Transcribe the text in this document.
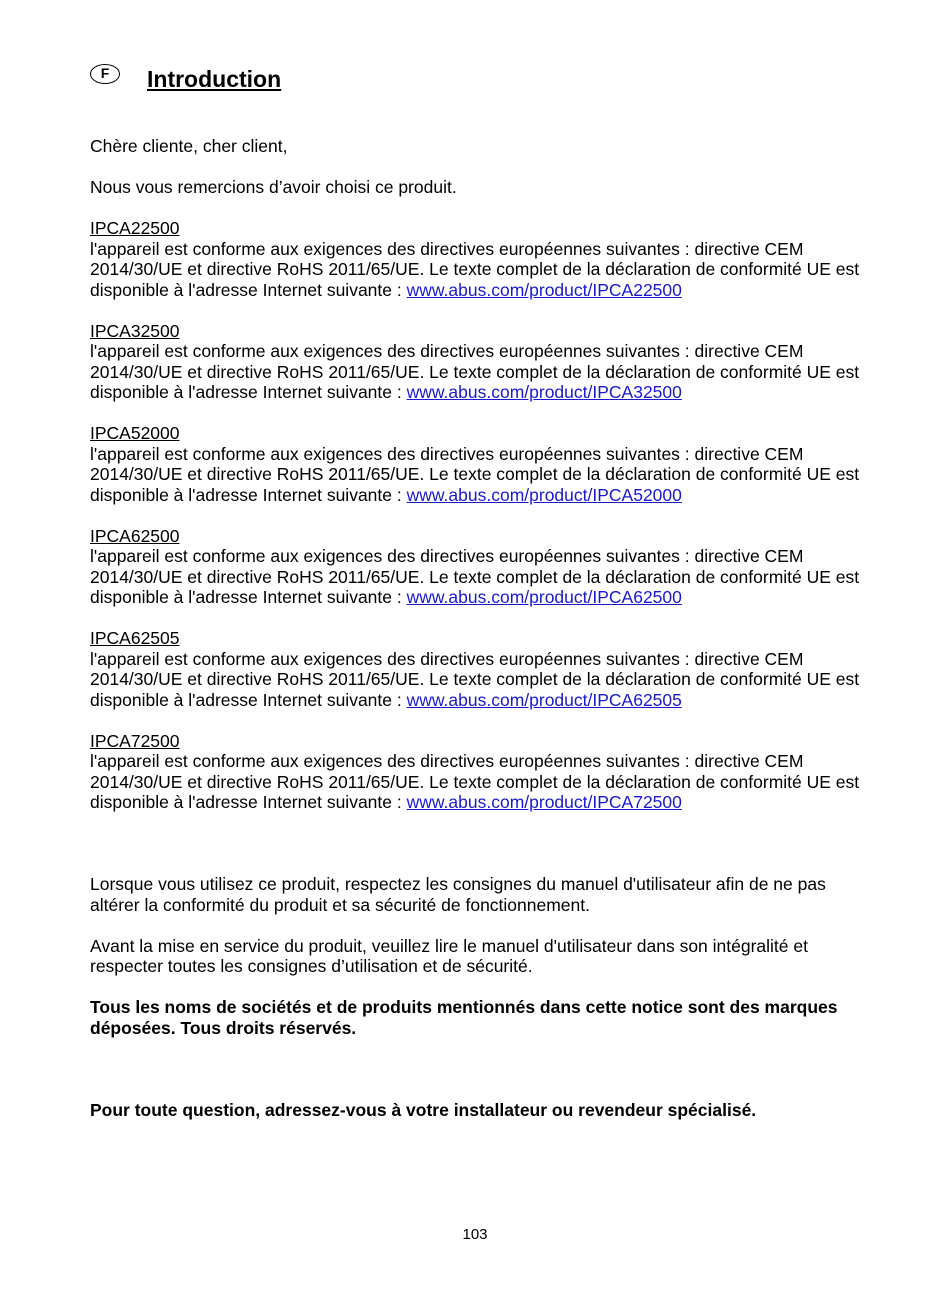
F	Introduction

Chère cliente, cher client,

Nous vous remercions d’avoir choisi ce produit.

IPCA22500
l'appareil est conforme aux exigences des directives européennes suivantes : directive CEM 2014/30/UE et directive RoHS 2011/65/UE. Le texte complet de la déclaration de conformité UE est disponible à l'adresse Internet suivante : www.abus.com/product/IPCA22500
IPCA32500
l'appareil est conforme aux exigences des directives européennes suivantes : directive CEM 2014/30/UE et directive RoHS 2011/65/UE. Le texte complet de la déclaration de conformité UE est disponible à l'adresse Internet suivante : www.abus.com/product/IPCA32500
IPCA52000
l'appareil est conforme aux exigences des directives européennes suivantes : directive CEM 2014/30/UE et directive RoHS 2011/65/UE. Le texte complet de la déclaration de conformité UE est disponible à l'adresse Internet suivante : www.abus.com/product/IPCA52000
IPCA62500
l'appareil est conforme aux exigences des directives européennes suivantes : directive CEM 2014/30/UE et directive RoHS 2011/65/UE. Le texte complet de la déclaration de conformité UE est disponible à l'adresse Internet suivante : www.abus.com/product/IPCA62500
IPCA62505
l'appareil est conforme aux exigences des directives européennes suivantes : directive CEM 2014/30/UE et directive RoHS 2011/65/UE. Le texte complet de la déclaration de conformité UE est disponible à l'adresse Internet suivante : www.abus.com/product/IPCA62505
IPCA72500
l'appareil est conforme aux exigences des directives européennes suivantes : directive CEM 2014/30/UE et directive RoHS 2011/65/UE. Le texte complet de la déclaration de conformité UE est disponible à l'adresse Internet suivante : www.abus.com/product/IPCA72500

Lorsque vous utilisez ce produit, respectez les consignes du manuel d'utilisateur afin de ne pas altérer la conformité du produit et sa sécurité de fonctionnement.

Avant la mise en service du produit, veuillez lire le manuel d'utilisateur dans son intégralité et respecter toutes les consignes d’utilisation et de sécurité.

Tous les noms de sociétés et de produits mentionnés dans cette notice sont des marques déposées. Tous droits réservés.

Pour toute question, adressez-vous à votre installateur ou revendeur spécialisé.

103
